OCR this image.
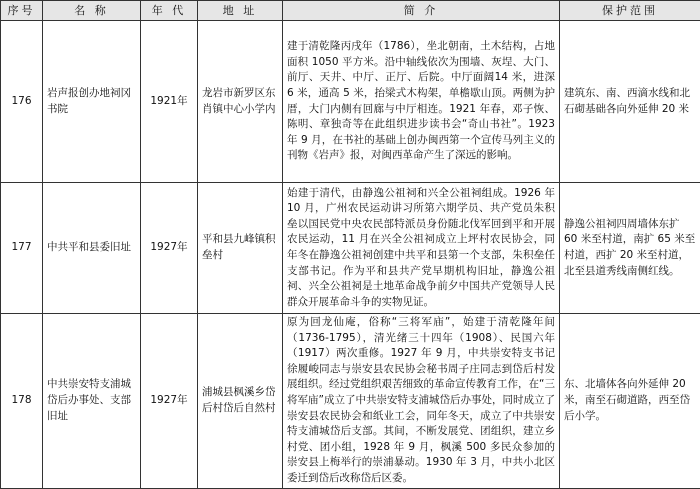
序号	名 称	年 代	地 址	简 介	保护范围
176	岩声报创办地祠冈书院	1921年	龙岩市新罗区东肖镇中心小学内	建于清乾隆丙戌年（1786），坐北朝南，土木结构，占地面积 1050 平方米。沿中轴线依次为围墙、灰埕、大门、前厅、天井、中厅、正厅、后院。中厅面阔14 米，进深 6 米，通高 5 米，抬梁式木构架，单檐歇山顶。两侧为护厝，大门内侧有回廊与中厅相连。1921 年春，邓子恢、陈明、章独奇等在此组织进步读书会“奇山书社”。1923 年 9 月，在书社的基础上创办闽西第一个宣传马列主义的刊物《岩声》报，对闽西革命产生了深远的影响。	建筑东、南、西滴水线和北石砌基础各向外延伸 20 米
177	中共平和县委旧址	1927年	平和县九峰镇积垒村	始建于清代，由静逸公祖祠和兴全公祖祠组成。1926 年 10 月，广州农民运动讲习所第六期学员、共产党员朱积垒以国民党中央农民部特派员身份随北伐军回到平和开展农民运动，11 月在兴全公祖祠成立上坪村农民协会，同年冬在静逸公祖祠创建中共平和县第一个支部，朱积垒任支部书记。作为平和县共产党早期机构旧址，静逸公祖祠、兴全公祖祠是土地革命战争前夕中国共产党领导人民群众开展革命斗争的实物见证。	静逸公祖祠四周墙体东扩 60 米至村道，南扩 65 米至村道，西扩 20 米至村道，北至县道秀线南侧红线。
178	中共崇安特支浦城岱后办事处、支部旧址	1927年	浦城县枫溪乡岱后村岱后自然村	原为回龙仙庵，俗称“三将军庙”，始建于清乾隆年间（1736-1795），清光绪三十四年（1908）、民国六年（1917）两次重修。1927 年 9 月，中共崇安特支书记徐履峻同志与崇安县农民协会秘书周子庄同志到岱后村发展组织。经过党组织艰苦细致的革命宣传教育工作，在“三将军庙”成立了中共崇安特支浦城岱后办事处，同时成立了崇安县农民协会和纸业工会，同年冬天，成立了中共崇安特支浦城岱后支部。其间，不断发展党、团组织，建立乡村党、团小组，1928 年 9 月，枫溪 500 多民众参加的崇安县上梅举行的崇浦暴动。1930 年 3 月，中共小北区委迁到岱后改称岱后区委。	东、北墙体各向外延伸 20 米，南至石砌道路，西至岱后小学。
